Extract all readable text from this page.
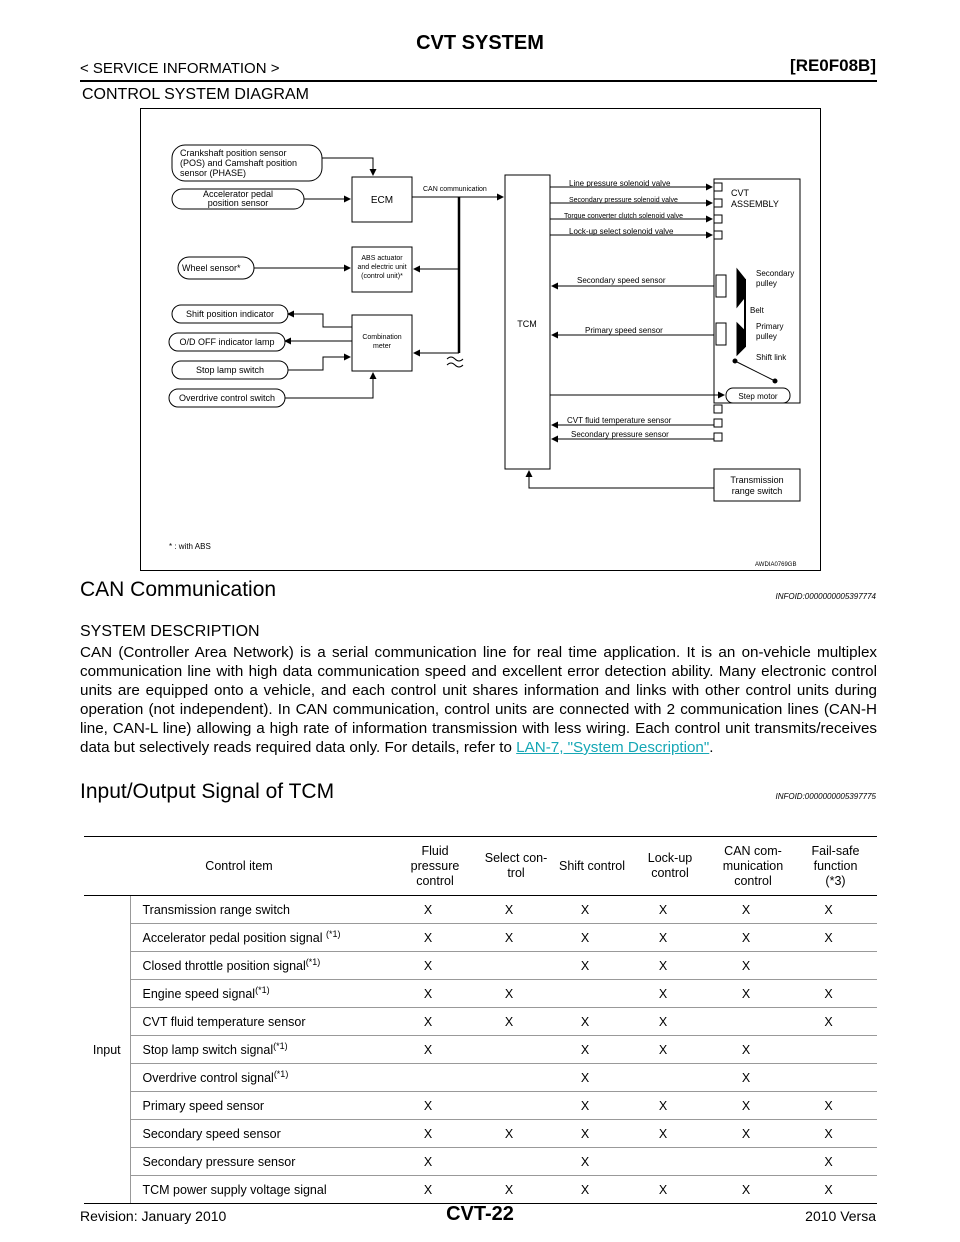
CVT SYSTEM
< SERVICE INFORMATION >	[RE0F08B]
CONTROL SYSTEM DIAGRAM
Crankshaft position sensor
(POS) and Camshaft position
sensor (PHASE)
Accelerator pedal
position sensor
Wheel sensor*
Shift position indicator
O/D OFF indicator lamp
Stop lamp switch
Overdrive control switch
ECM
ABS actuator
and electric unit
(control unit)*
Combination
meter
TCM
CVT
ASSEMBLY
Transmission
range switch
Line pressure solenoid valve
Secondary pressure solenoid valve
Torque converter clutch solenoid valve
Lock-up select solenoid valve
Secondary speed sensor
Primary speed sensor
CVT fluid temperature sensor
Secondary pressure sensor
CAN communication
Secondary
pulley
Belt
Primary
pulley
Shift link
Step motor
* : with ABS
AWDIA0769GB
CAN Communication	INFOID:0000000005397774
SYSTEM DESCRIPTION
CAN (Controller Area Network) is a serial communication line for real time application. It is an on-vehicle multiplex communication line with high data communication speed and excellent error detection ability. Many electronic control units are equipped onto a vehicle, and each control unit shares information and links with other control units during operation (not independent). In CAN communication, control units are connected with 2 communication lines (CAN-H line, CAN-L line) allowing a high rate of information transmission with less wiring. Each control unit transmits/receives data but selectively reads required data only. For details, refer to LAN-7, "System Description".
Input/Output Signal of TCM	INFOID:0000000005397775
Control item		Fluid
pressure
control	Select con-
trol	Shift control	Lock-up
control	CAN com-
munication
control	Fail-safe
function
(*3)
Input	Transmission range switch	X	X	X	X	X	X
	Accelerator pedal position signal $^{(*1)}$	X	X	X	X	X	X
	Closed throttle position signal$^{(*1)}$	X		X	X	X	
	Engine speed signal$^{(*1)}$	X	X		X	X	X
	CVT fluid temperature sensor	X	X	X	X		X
	Stop lamp switch signal$^{(*1)}$	X		X	X	X	
	Overdrive control signal$^{(*1)}$			X		X	
	Primary speed sensor	X		X	X	X	X
	Secondary speed sensor	X	X	X	X	X	X
	Secondary pressure sensor	X		X			X
	TCM power supply voltage signal	X	X	X	X	X	X
Revision: January 2010	CVT-22	2010 Versa
